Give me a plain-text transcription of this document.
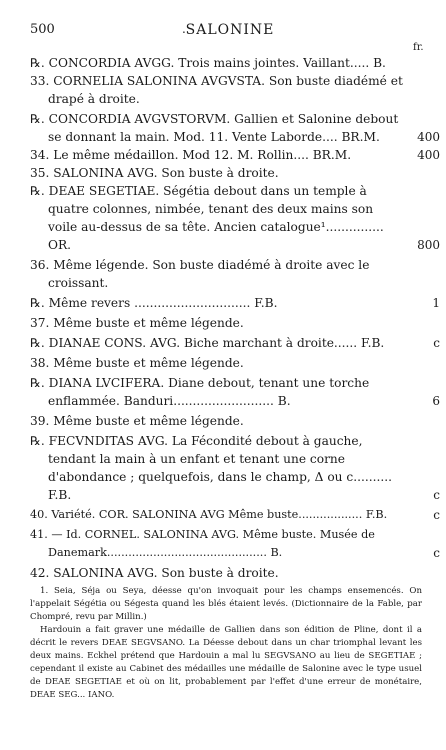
500	. SALONINE
fr.
℞. CONCORDIA AVGG. Trois mains jointes. Vaillant..... B.
33. CORNELIA SALONINA AVGVSTA. Son buste diadémé et drapé à droite.
℞. CONCORDIA AVGVSTORVM. Gallien et Salonine debout se donnant la main. Mod. 11. Vente Laborde.... BR.M.	400
34. Le même médaillon. Mod 12. M. Rollin.... BR.M.	400
35. SALONINA AVG. Son buste à droite.
℞. DEAE SEGETIAE. Ségétia debout dans un temple à quatre colonnes, nimbée, tenant des deux mains son voile au-dessus de sa tête. Ancien catalogue¹............... OR.	800
36. Même légende. Son buste diadémé à droite avec le croissant.
℞. Même revers .............................. F.B.	1
37. Même buste et même légende.
℞. DIANAE CONS. AVG. Biche marchant à droite...... F.B.	c
38. Même buste et même légende.
℞. DIANA LVCIFERA. Diane debout, tenant une torche enflammée. Banduri.......................... B.	6
39. Même buste et même légende.
℞. FECVNDITAS AVG. La Fécondité debout à gauche, tendant la main à un enfant et tenant une corne d'abondance ; quelquefois, dans le champ, Δ ou c.......... F.B.	c
40. Variété. COR. SALONINA AVG Même buste.................. F.B.	c
41. — Id. CORNEL. SALONINA AVG. Même buste. Musée de Danemark............................................. B.	c
42. SALONINA AVG. Son buste à droite.

1. Seia, Séja ou Seya, déesse qu'on invoquait pour les champs ensemencés. On l'appelait Ségétia ou Ségesta quand les blés étaient levés. (Dictionnaire de la Fable, par Chompré, revu par Millin.)

Hardouin a fait graver une médaille de Gallien dans son édition de Pline, dont il a décrit le revers DEAE SEGVSANO. La Déesse debout dans un char triomphal levant les deux mains. Eckhel prétend que Hardouin a mal lu SEGVSANO au lieu de SEGETIAE ; cependant il existe au Cabinet des médailles une médaille de Salonine avec le type usuel de DEAE SEGETIAE et où on lit, probablement par l'effet d'une erreur de monétaire, DEAE SEG... IANO.
